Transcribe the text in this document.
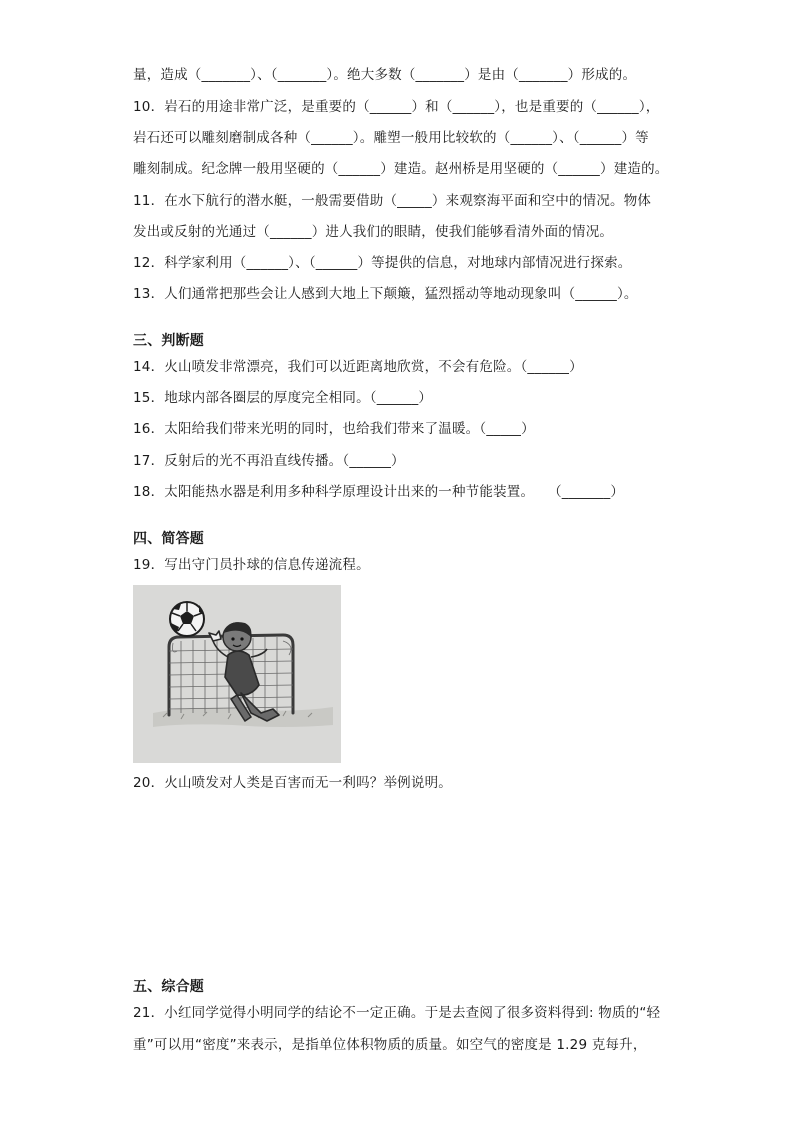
量，造成（_______）、（_______）。绝大多数（_______）是由（_______）形成的。
10．岩石的用途非常广泛，是重要的（______）和（______），也是重要的（______），
岩石还可以雕刻磨制成各种（______）。雕塑一般用比较软的（______）、（______）等
雕刻制成。纪念牌一般用坚硬的（______）建造。赵州桥是用坚硬的（______）建造的。
11．在水下航行的潜水艇，一般需要借助（_____）来观察海平面和空中的情况。物体
发出或反射的光通过（______）进人我们的眼睛，使我们能够看清外面的情况。
12．科学家利用（______）、（______）等提供的信息，对地球内部情况进行探索。
13．人们通常把那些会让人感到大地上下颠簸，猛烈摇动等地动现象叫（______）。
三、判断题
14．火山喷发非常漂亮，我们可以近距离地欣赏，不会有危险。（______）
15．地球内部各圈层的厚度完全相同。（______）
16．太阳给我们带来光明的同时，也给我们带来了温暖。（_____）
17．反射后的光不再沿直线传播。（______）
18．太阳能热水器是利用多种科学原理设计出来的一种节能装置。　　（_______）
四、简答题
19．写出守门员扑球的信息传递流程。
20．火山喷发对人类是百害而无一利吗？举例说明。
五、综合题
21．小红同学觉得小明同学的结论不一定正确。于是去查阅了很多资料得到: 物质的“轻
重”可以用“密度”来表示，是指单位体积物质的质量。如空气的密度是 1.29 克每升，
